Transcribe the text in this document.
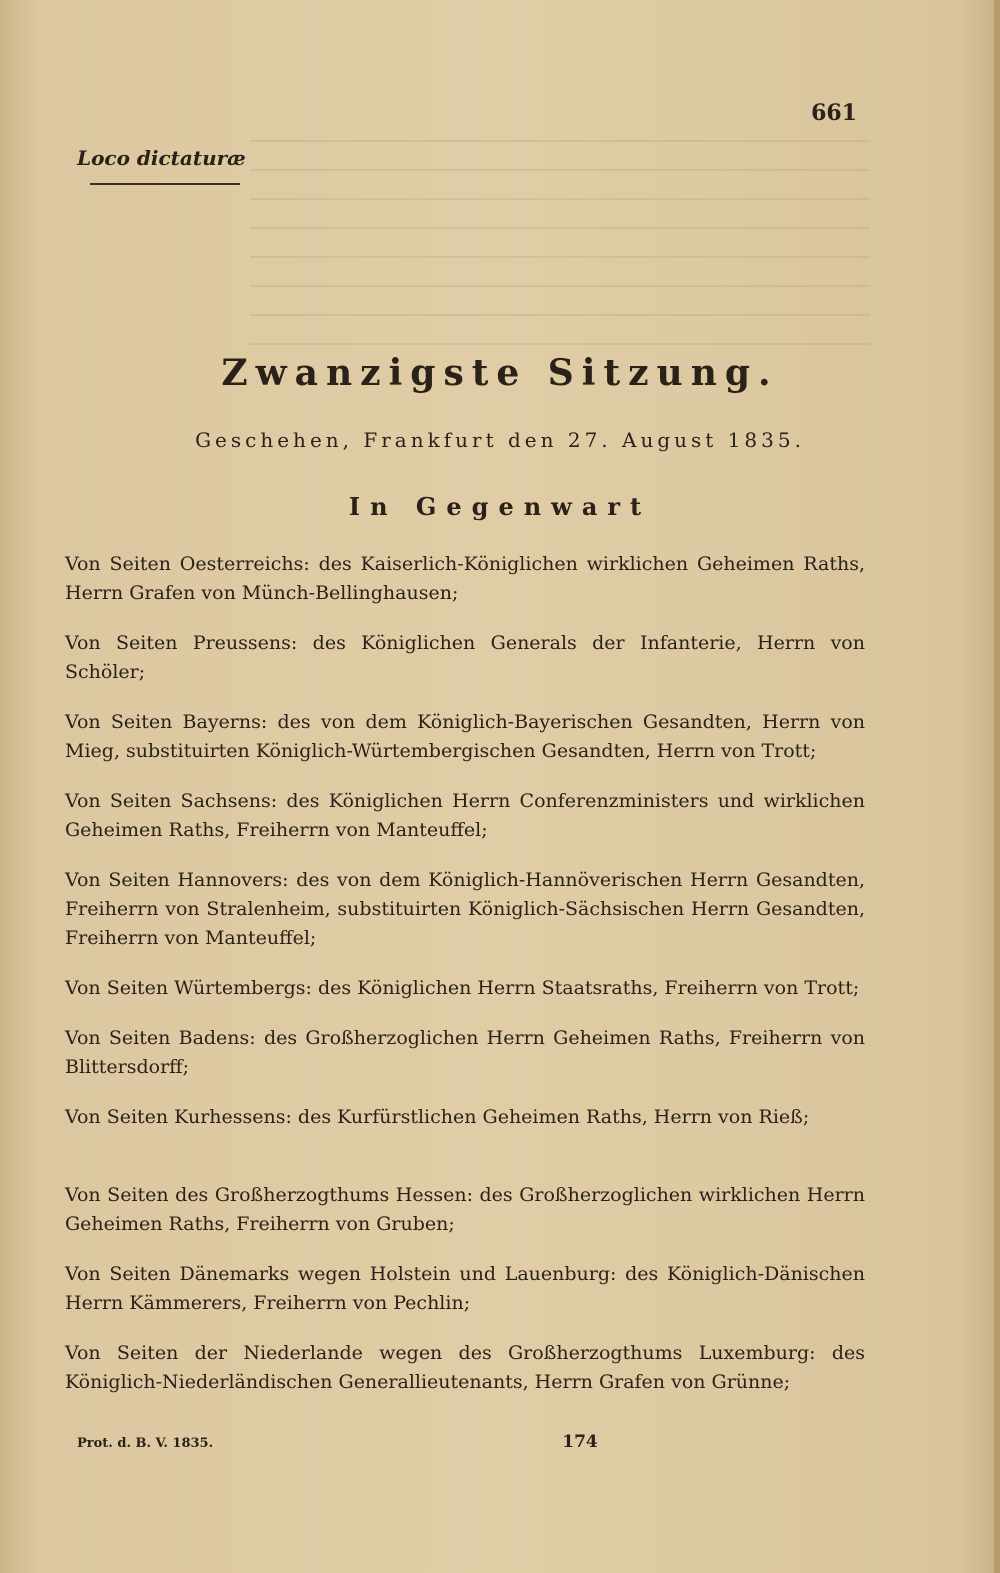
661
Loco dictaturæ
Zwanzigste Sitzung.
Geschehen, Frankfurt den 27. August 1835.
In Gegenwart
Von Seiten Oesterreichs: des Kaiserlich-Königlichen wirklichen Geheimen Raths, Herrn Grafen von Münch-Bellinghausen;
Von Seiten Preussens: des Königlichen Generals der Infanterie, Herrn von Schöler;
Von Seiten Bayerns: des von dem Königlich-Bayerischen Gesandten, Herrn von Mieg, substituirten Königlich-Würtembergischen Gesandten, Herrn von Trott;
Von Seiten Sachsens: des Königlichen Herrn Conferenzministers und wirklichen Geheimen Raths, Freiherrn von Manteuffel;
Von Seiten Hannovers: des von dem Königlich-Hannöverischen Herrn Gesandten, Freiherrn von Stralenheim, substituirten Königlich-Sächsischen Herrn Gesandten, Freiherrn von Manteuffel;
Von Seiten Würtembergs: des Königlichen Herrn Staatsraths, Freiherrn von Trott;
Von Seiten Badens: des Großherzoglichen Herrn Geheimen Raths, Freiherrn von Blittersdorff;
Von Seiten Kurhessens: des Kurfürstlichen Geheimen Raths, Herrn von Rieß;
Von Seiten des Großherzogthums Hessen: des Großherzoglichen wirklichen Herrn Geheimen Raths, Freiherrn von Gruben;
Von Seiten Dänemarks wegen Holstein und Lauenburg: des Königlich-Dänischen Herrn Kämmerers, Freiherrn von Pechlin;
Von Seiten der Niederlande wegen des Großherzogthums Luxemburg: des Königlich-Niederländischen Generallieutenants, Herrn Grafen von Grünne;
Prot. d. B. V. 1835.	174
